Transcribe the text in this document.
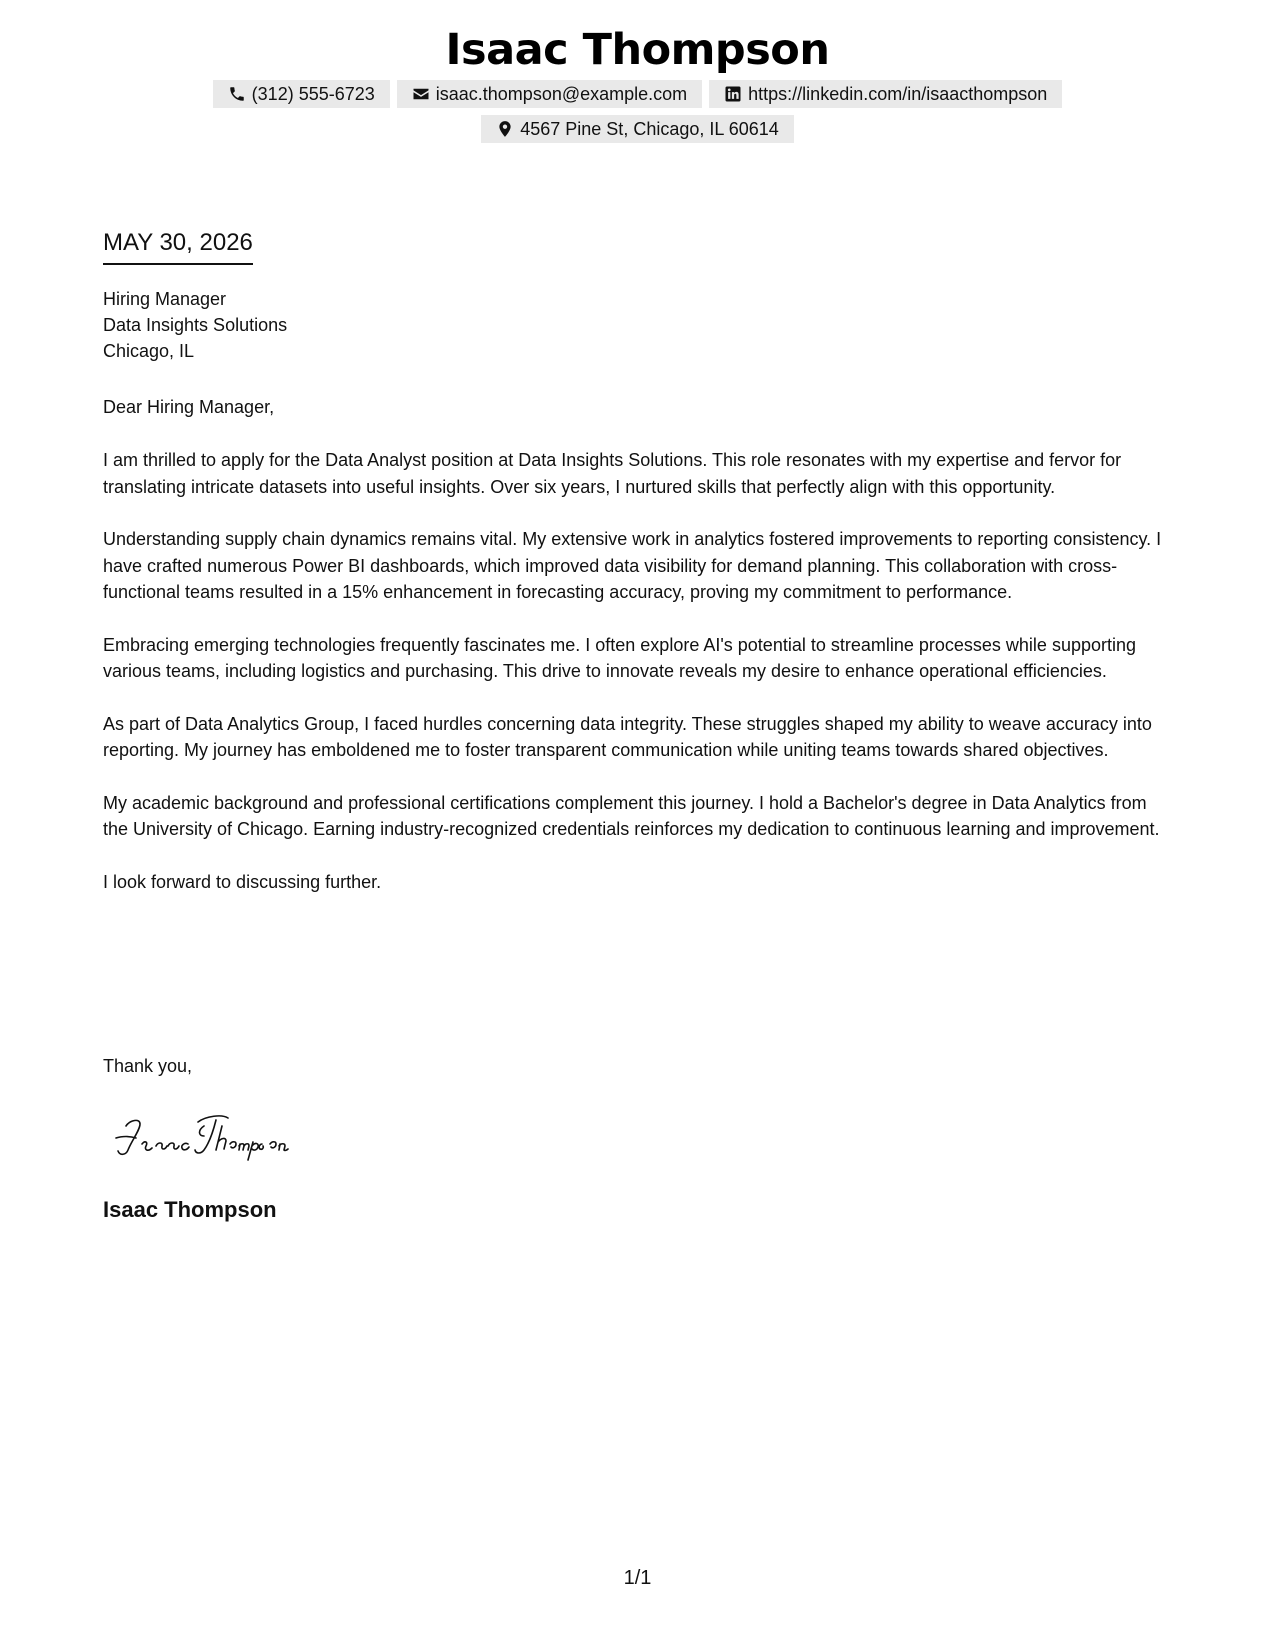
Isaac Thompson
(312) 555-6723	isaac.thompson@example.com	https://linkedin.com/in/isaacthompson
4567 Pine St, Chicago, IL 60614
MAY 30, 2026
Hiring Manager
Data Insights Solutions
Chicago, IL
Dear Hiring Manager,

I am thrilled to apply for the Data Analyst position at Data Insights Solutions. This role resonates with my expertise and fervor for translating intricate datasets into useful insights. Over six years, I nurtured skills that perfectly align with this opportunity.

Understanding supply chain dynamics remains vital. My extensive work in analytics fostered improvements to reporting consistency. I have crafted numerous Power BI dashboards, which improved data visibility for demand planning. This collaboration with cross-functional teams resulted in a 15% enhancement in forecasting accuracy, proving my commitment to performance.

Embracing emerging technologies frequently fascinates me. I often explore AI's potential to streamline processes while supporting various teams, including logistics and purchasing. This drive to innovate reveals my desire to enhance operational efficiencies.

As part of Data Analytics Group, I faced hurdles concerning data integrity. These struggles shaped my ability to weave accuracy into reporting. My journey has emboldened me to foster transparent communication while uniting teams towards shared objectives.

My academic background and professional certifications complement this journey. I hold a Bachelor's degree in Data Analytics from the University of Chicago. Earning industry-recognized credentials reinforces my dedication to continuous learning and improvement.

I look forward to discussing further.

Thank you,
Isaac Thompson
1/1
